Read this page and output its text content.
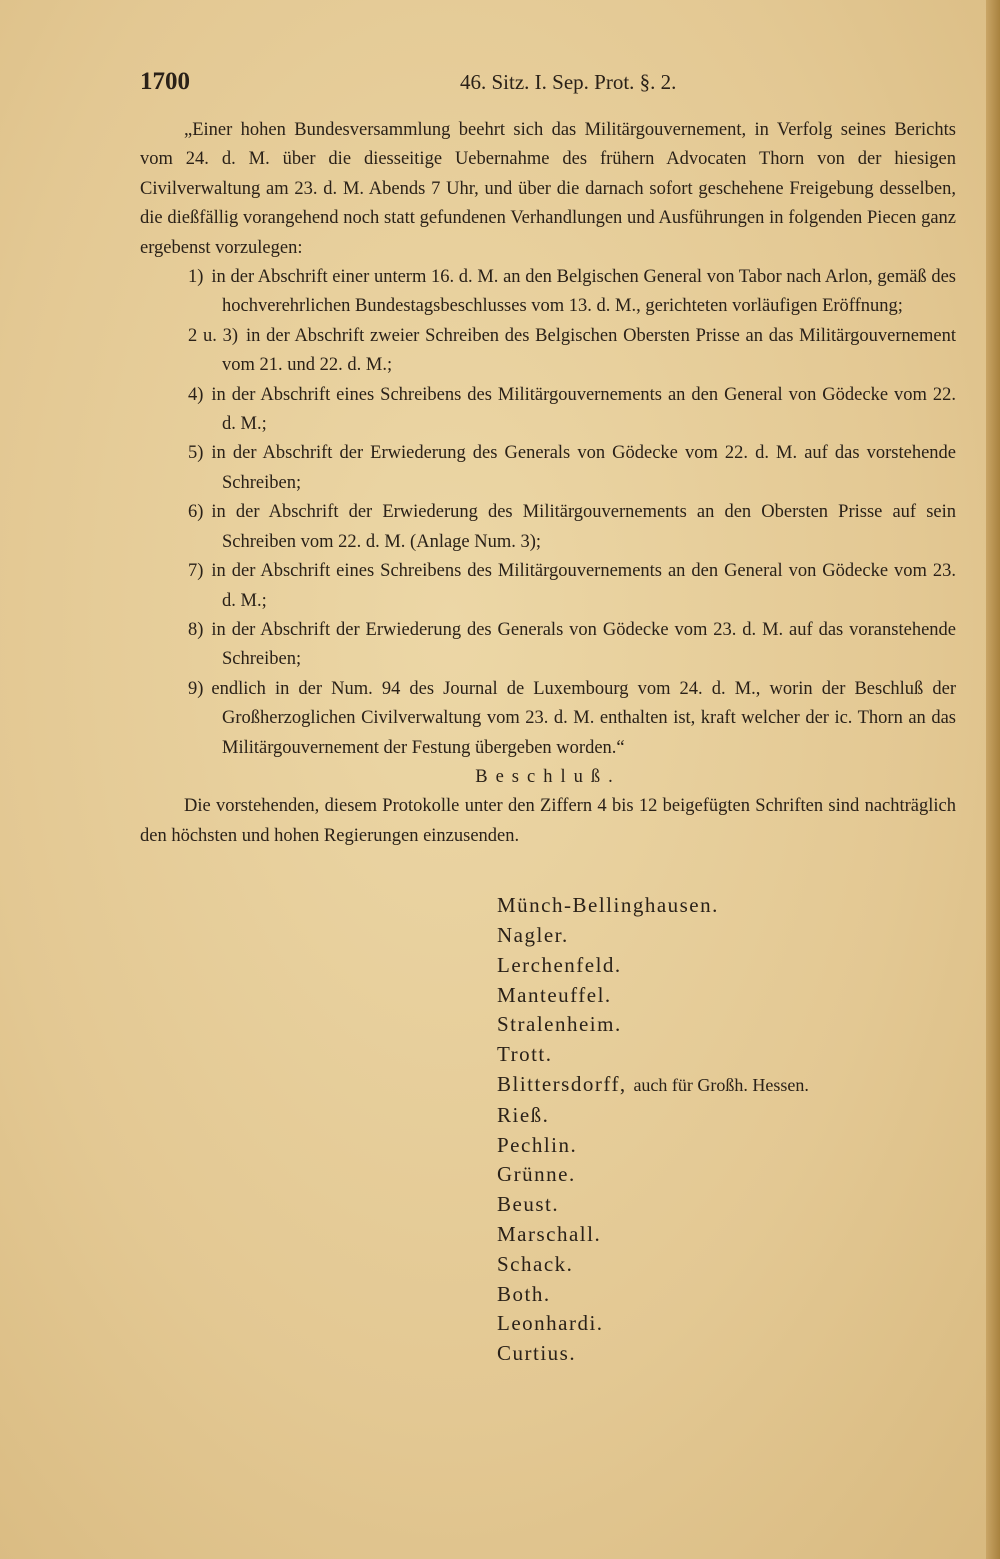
1700	46. Sitz. I. Sep. Prot. §. 2.

„Einer hohen Bundesversammlung beehrt sich das Militärgouvernement, in Verfolg seines Berichts vom 24. d. M. über die diesseitige Uebernahme des frühern Advocaten Thorn von der hiesigen Civilverwaltung am 23. d. M. Abends 7 Uhr, und über die darnach sofort geschehene Freigebung desselben, die dießfällig vorangehend noch statt gefundenen Verhandlungen und Ausführungen in folgenden Piecen ganz ergebenst vorzulegen:

1) in der Abschrift einer unterm 16. d. M. an den Belgischen General von Tabor nach Arlon, gemäß des hochverehrlichen Bundestagsbeschlusses vom 13. d. M., gerichteten vorläufigen Eröffnung;

2 u. 3) in der Abschrift zweier Schreiben des Belgischen Obersten Prisse an das Militärgouvernement vom 21. und 22. d. M.;

4) in der Abschrift eines Schreibens des Militärgouvernements an den General von Gödecke vom 22. d. M.;

5) in der Abschrift der Erwiederung des Generals von Gödecke vom 22. d. M. auf das vorstehende Schreiben;

6) in der Abschrift der Erwiederung des Militärgouvernements an den Obersten Prisse auf sein Schreiben vom 22. d. M. (Anlage Num. 3);

7) in der Abschrift eines Schreibens des Militärgouvernements an den General von Gödecke vom 23. d. M.;

8) in der Abschrift der Erwiederung des Generals von Gödecke vom 23. d. M. auf das voranstehende Schreiben;

9) endlich in der Num. 94 des Journal de Luxembourg vom 24. d. M., worin der Beschluß der Großherzoglichen Civilverwaltung vom 23. d. M. enthalten ist, kraft welcher der ic. Thorn an das Militärgouvernement der Festung übergeben worden.“

Beschluß.

Die vorstehenden, diesem Protokolle unter den Ziffern 4 bis 12 beigefügten Schriften sind nachträglich den höchsten und hohen Regierungen einzusenden.

Münch-Bellinghausen.
Nagler.
Lerchenfeld.
Manteuffel.
Stralenheim.
Trott.
Blittersdorff, auch für Großh. Hessen.
Rieß.
Pechlin.
Grünne.
Beust.
Marschall.
Schack.
Both.
Leonhardi.
Curtius.
